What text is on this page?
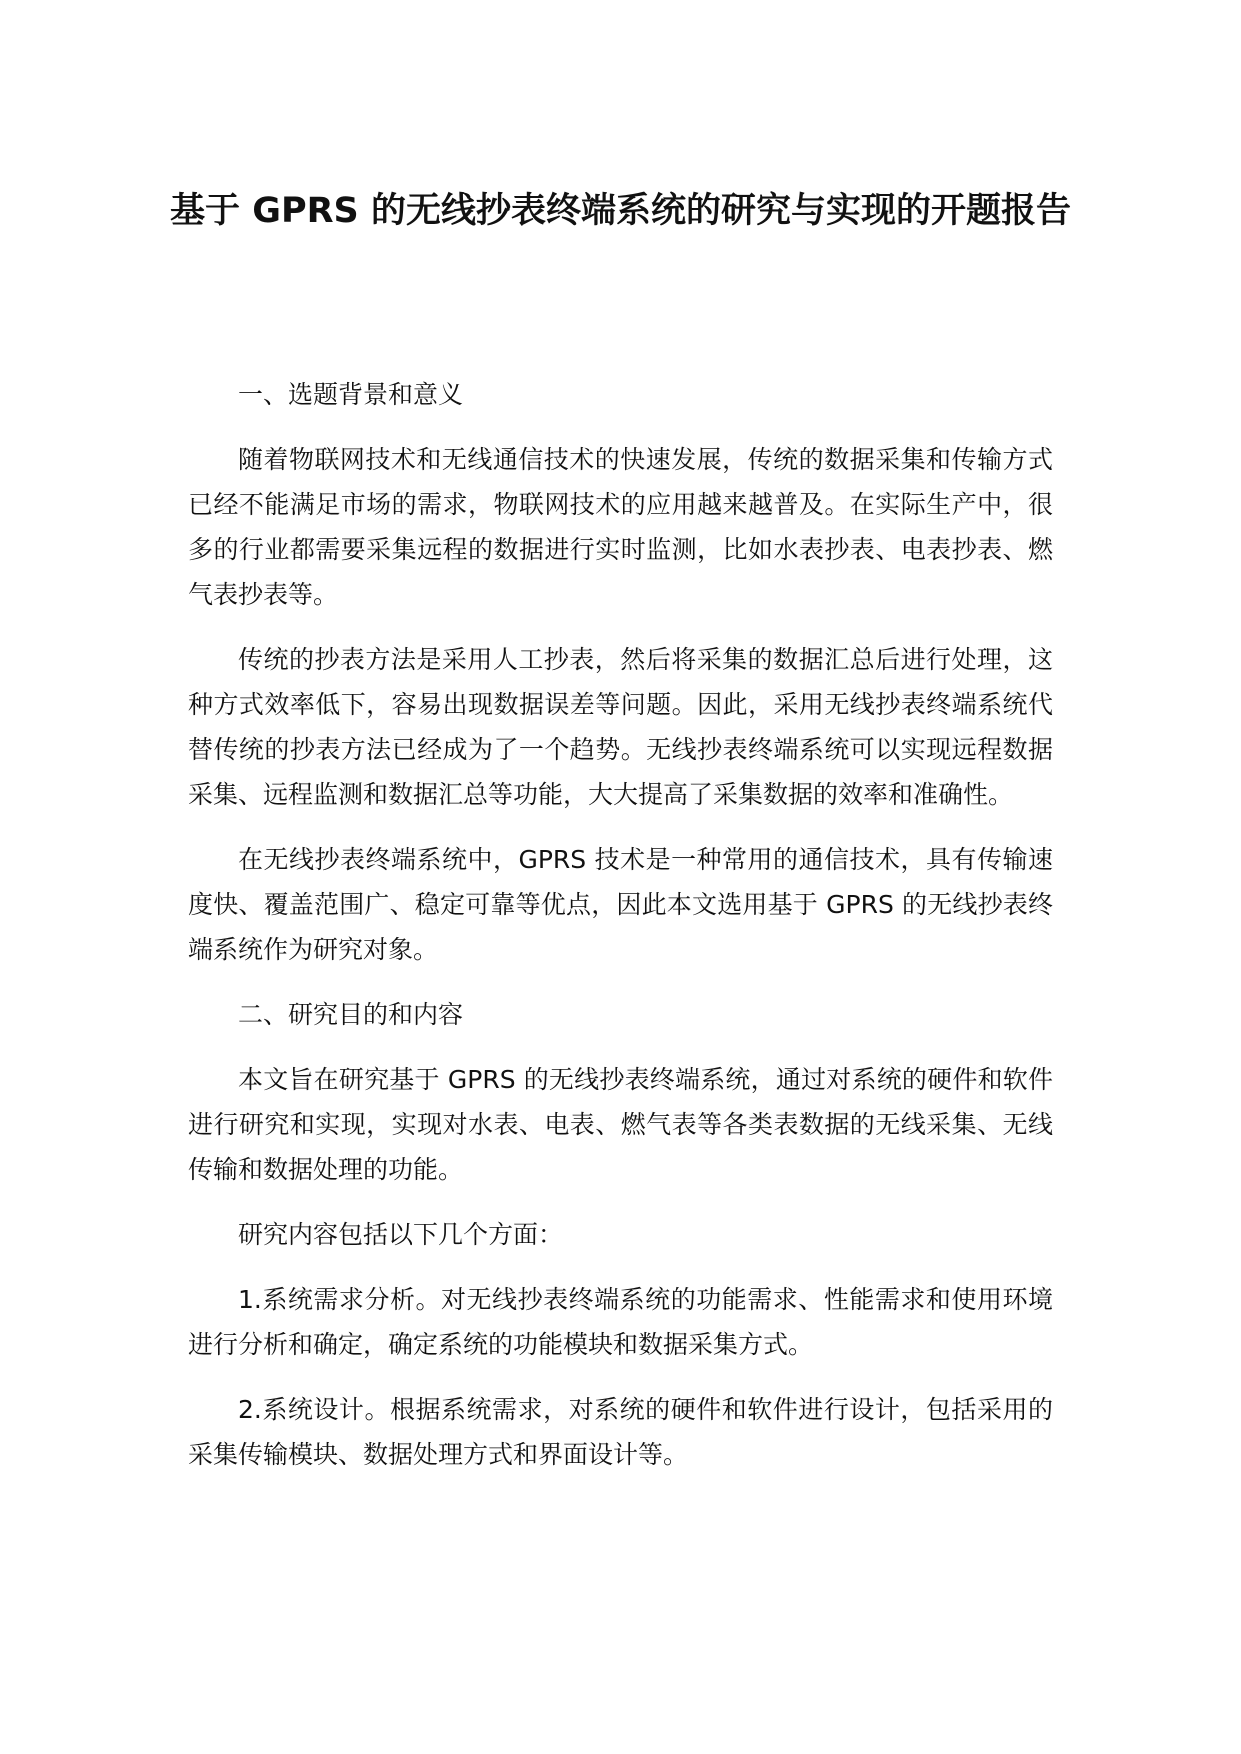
基于 GPRS 的无线抄表终端系统的研究与实现的开题报告

一、选题背景和意义

随着物联网技术和无线通信技术的快速发展，传统的数据采集和传输方式已经不能满足市场的需求，物联网技术的应用越来越普及。在实际生产中，很多的行业都需要采集远程的数据进行实时监测，比如水表抄表、电表抄表、燃气表抄表等。

传统的抄表方法是采用人工抄表，然后将采集的数据汇总后进行处理，这种方式效率低下，容易出现数据误差等问题。因此，采用无线抄表终端系统代替传统的抄表方法已经成为了一个趋势。无线抄表终端系统可以实现远程数据采集、远程监测和数据汇总等功能，大大提高了采集数据的效率和准确性。

在无线抄表终端系统中，GPRS 技术是一种常用的通信技术，具有传输速度快、覆盖范围广、稳定可靠等优点，因此本文选用基于 GPRS 的无线抄表终端系统作为研究对象。

二、研究目的和内容

本文旨在研究基于 GPRS 的无线抄表终端系统，通过对系统的硬件和软件进行研究和实现，实现对水表、电表、燃气表等各类表数据的无线采集、无线传输和数据处理的功能。

研究内容包括以下几个方面：

1.系统需求分析。对无线抄表终端系统的功能需求、性能需求和使用环境进行分析和确定，确定系统的功能模块和数据采集方式。

2.系统设计。根据系统需求，对系统的硬件和软件进行设计，包括采用的采集传输模块、数据处理方式和界面设计等。
